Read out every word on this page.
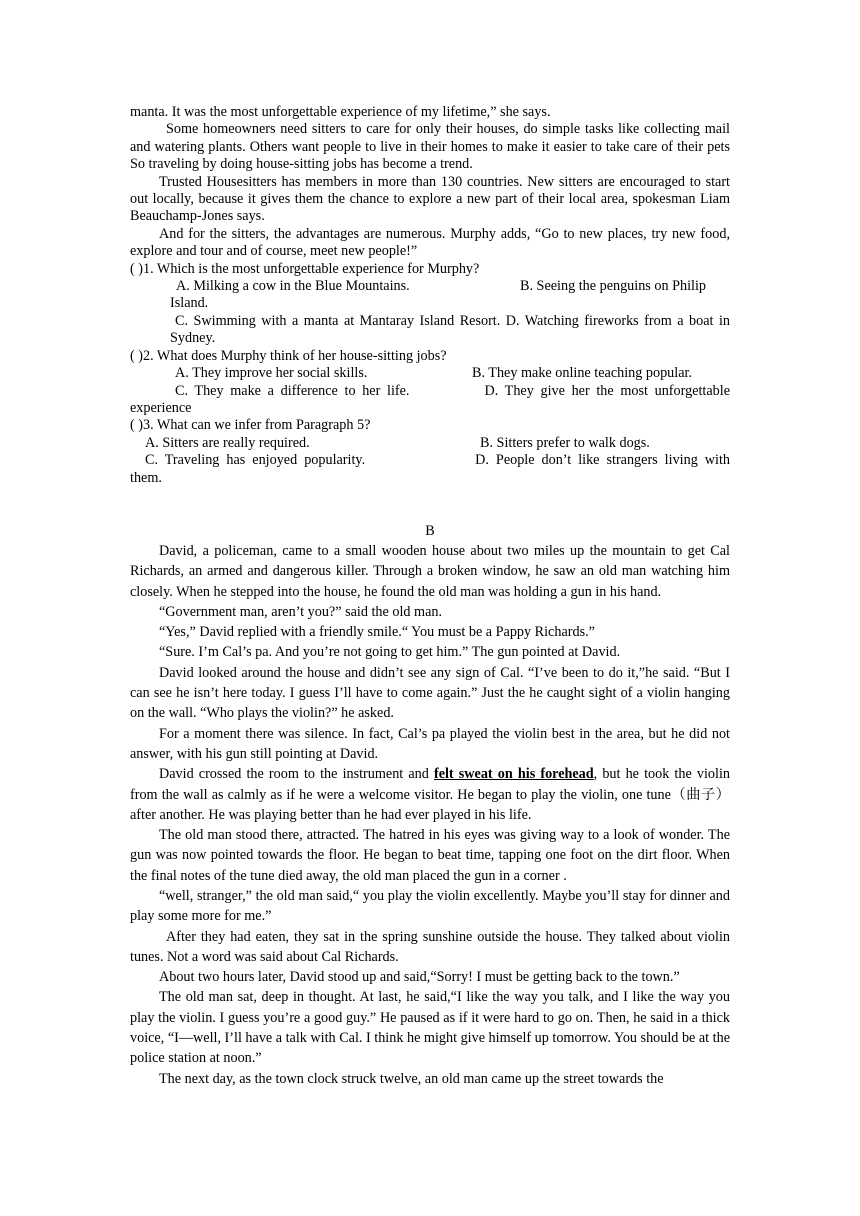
manta. It was the most unforgettable experience of my lifetime,” she says.

Some homeowners need sitters to care for only their houses, do simple tasks like collecting mail and watering plants. Others want people to live in their homes to make it easier to take care of their pets So traveling by doing house-sitting jobs has become a trend.

Trusted Housesitters has members in more than 130 countries. New sitters are encouraged to start out locally, because it gives them the chance to explore a new part of their local area, spokesman Liam Beauchamp-Jones says.

And for the sitters, the advantages are numerous. Murphy adds, “Go to new places, try new food, explore and tour and of course, meet new people!”

( )1. Which is the most unforgettable experience for Murphy?

A. Milking a cow in the Blue Mountains.	B. Seeing the penguins on Philip

Island.

C. Swimming with a manta at Mantaray Island Resort. D. Watching fireworks from a boat in Sydney.

( )2. What does Murphy think of her house-sitting jobs?

A. They improve her social skills.	B. They make online teaching popular.

C. They make a difference to her life.	D. They give her the most unforgettable experience

( )3. What can we infer from Paragraph 5?

A. Sitters are really required.	B. Sitters prefer to walk dogs.

C. Traveling has enjoyed popularity.	D. People don’t like strangers living with them.

B

David, a policeman, came to a small wooden house about two miles up the mountain to get Cal Richards, an armed and dangerous killer. Through a broken window, he saw an old man watching him closely. When he stepped into the house, he found the old man was holding a gun in his hand.

“Government man, aren’t you?” said the old man.

“Yes,” David replied with a friendly smile.“ You must be a Pappy Richards.”

“Sure. I’m Cal’s pa. And you’re not going to get him.” The gun pointed at David.

David looked around the house and didn’t see any sign of Cal. “I’ve been to do it,”he said. “But I can see he isn’t here today. I guess I’ll have to come again.” Just the he caught sight of a violin hanging on the wall. “Who plays the violin?” he asked.

For a moment there was silence. In fact, Cal’s pa played the violin best in the area, but he did not answer, with his gun still pointing at David.

David crossed the room to the instrument and felt sweat on his forehead, but he took the violin from the wall as calmly as if he were a welcome visitor. He began to play the violin, one tune（曲子） after another. He was playing better than he had ever played in his life.

The old man stood there, attracted. The hatred in his eyes was giving way to a look of wonder. The gun was now pointed towards the floor. He began to beat time, tapping one foot on the dirt floor. When the final notes of the tune died away, the old man placed the gun in a corner .

“well, stranger,” the old man said,“ you play the violin excellently. Maybe you’ll stay for dinner and play some more for me.”

After they had eaten, they sat in the spring sunshine outside the house. They talked about violin tunes. Not a word was said about Cal Richards.

About two hours later, David stood up and said,“Sorry! I must be getting back to the town.”

The old man sat, deep in thought. At last, he said,“I like the way you talk, and I like the way you play the violin. I guess you’re a good guy.” He paused as if it were hard to go on. Then, he said in a thick voice, “I—well, I’ll have a talk with Cal. I think he might give himself up tomorrow. You should be at the police station at noon.”

The next day, as the town clock struck twelve, an old man came up the street towards the
